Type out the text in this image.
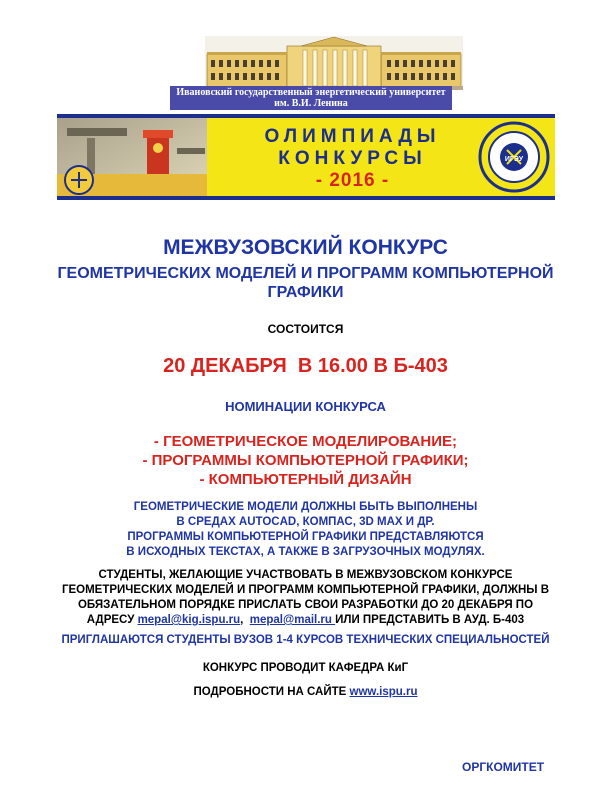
Ивановский государственный энергетический университет
им. В.И. Ленина
ОЛИМПИАДЫ
КОНКУРСЫ
- 2016 -
ИГЭУ
МЕЖВУЗОВСКИЙ КОНКУРС
ГЕОМЕТРИЧЕСКИХ МОДЕЛЕЙ И ПРОГРАММ КОМПЬЮТЕРНОЙ
ГРАФИКИ
СОСТОИТСЯ
20 ДЕКАБРЯ  В 16.00 В Б-403
НОМИНАЦИИ КОНКУРСА
- ГЕОМЕТРИЧЕСКОЕ МОДЕЛИРОВАНИЕ;
- ПРОГРАММЫ КОМПЬЮТЕРНОЙ ГРАФИКИ;
- КОМПЬЮТЕРНЫЙ ДИЗАЙН
ГЕОМЕТРИЧЕСКИЕ МОДЕЛИ ДОЛЖНЫ БЫТЬ ВЫПОЛНЕНЫ
В СРЕДАХ AUTOCAD, КОМПАС, 3D MAX И ДР.
ПРОГРАММЫ КОМПЬЮТЕРНОЙ ГРАФИКИ ПРЕДСТАВЛЯЮТСЯ
В ИСХОДНЫХ ТЕКСТАХ, А ТАКЖЕ В ЗАГРУЗОЧНЫХ МОДУЛЯХ.
СТУДЕНТЫ, ЖЕЛАЮЩИЕ УЧАСТВОВАТЬ В МЕЖВУЗОВСКОМ КОНКУРСЕ
ГЕОМЕТРИЧЕСКИХ МОДЕЛЕЙ И ПРОГРАММ КОМПЬЮТЕРНОЙ ГРАФИКИ, ДОЛЖНЫ В
ОБЯЗАТЕЛЬНОМ ПОРЯДКЕ ПРИСЛАТЬ СВОИ РАЗРАБОТКИ ДО 20 ДЕКАБРЯ ПО
АДРЕСУ mepal@kig.ispu.ru,  mepal@mail.ru ИЛИ ПРЕДСТАВИТЬ В АУД. Б-403
ПРИГЛАШАЮТСЯ СТУДЕНТЫ ВУЗОВ 1-4 КУРСОВ ТЕХНИЧЕСКИХ СПЕЦИАЛЬНОСТЕЙ
КОНКУРС ПРОВОДИТ КАФЕДРА КиГ
ПОДРОБНОСТИ НА САЙТЕ www.ispu.ru
ОРГКОМИТЕТ
